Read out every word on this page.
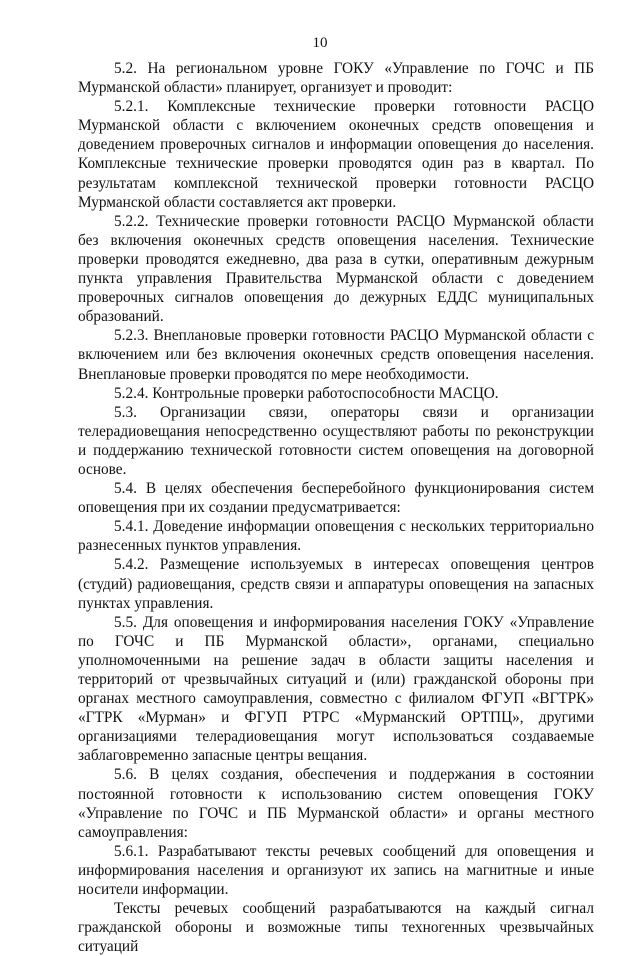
10

5.2. На региональном уровне ГОКУ «Управление по ГОЧС и ПБ Мурманской области» планирует, организует и проводит:

5.2.1. Комплексные технические проверки готовности РАСЦО Мурманской области с включением оконечных средств оповещения и доведением проверочных сигналов и информации оповещения до населения. Комплексные технические проверки проводятся один раз в квартал. По результатам комплексной технической проверки готовности РАСЦО Мурманской области составляется акт проверки.

5.2.2. Технические проверки готовности РАСЦО Мурманской области без включения оконечных средств оповещения населения. Технические проверки проводятся ежедневно, два раза в сутки, оперативным дежурным пункта управления Правительства Мурманской области с доведением проверочных сигналов оповещения до дежурных ЕДДС муниципальных образований.

5.2.3. Внеплановые проверки готовности РАСЦО Мурманской области с включением или без включения оконечных средств оповещения населения. Внеплановые проверки проводятся по мере необходимости.

5.2.4. Контрольные проверки работоспособности МАСЦО.

5.3. Организации связи, операторы связи и организации телерадиовещания непосредственно осуществляют работы по реконструкции и поддержанию технической готовности систем оповещения на договорной основе.

5.4. В целях обеспечения бесперебойного функционирования систем оповещения при их создании предусматривается:

5.4.1. Доведение информации оповещения с нескольких территориально разнесенных пунктов управления.

5.4.2. Размещение используемых в интересах оповещения центров (студий) радиовещания, средств связи и аппаратуры оповещения на запасных пунктах управления.

5.5. Для оповещения и информирования населения ГОКУ «Управление по ГОЧС и ПБ Мурманской области», органами, специально уполномоченными на решение задач в области защиты населения и территорий от чрезвычайных ситуаций и (или) гражданской обороны при органах местного самоуправления, совместно с филиалом ФГУП «ВГТРК» «ГТРК «Мурман» и ФГУП РТРС «Мурманский ОРТПЦ», другими организациями телерадиовещания могут использоваться создаваемые заблаговременно запасные центры вещания.

5.6. В целях создания, обеспечения и поддержания в состоянии постоянной готовности к использованию систем оповещения ГОКУ «Управление по ГОЧС и ПБ Мурманской области» и органы местного самоуправления:

5.6.1. Разрабатывают тексты речевых сообщений для оповещения и информирования населения и организуют их запись на магнитные и иные носители информации.

Тексты речевых сообщений разрабатываются на каждый сигнал гражданской обороны и возможные типы техногенных чрезвычайных ситуаций
